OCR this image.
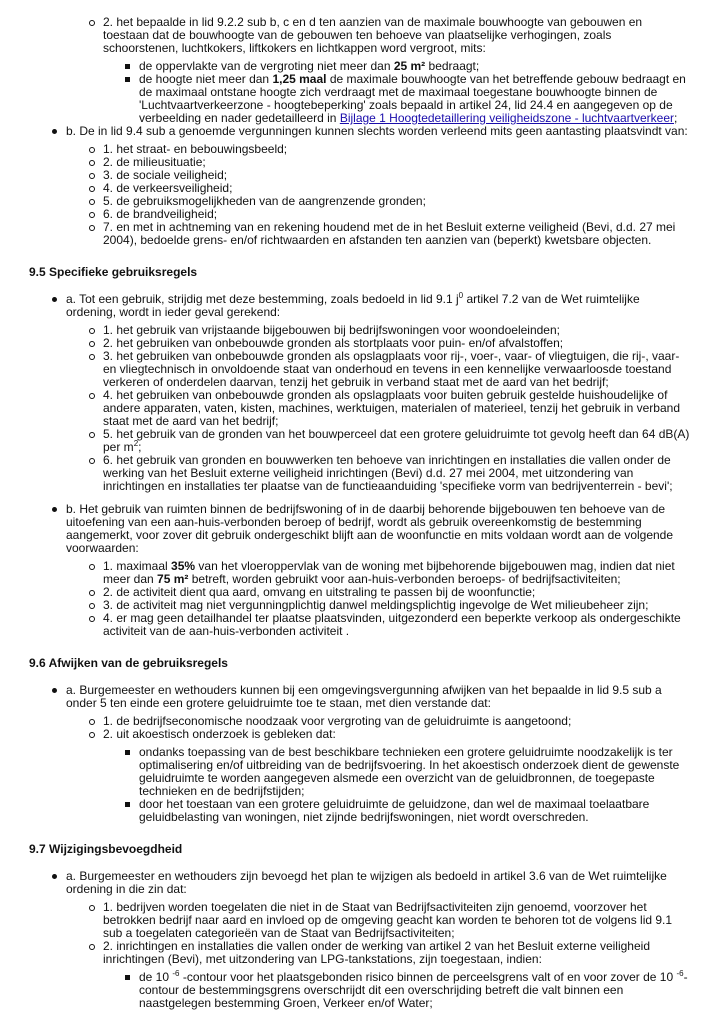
2. het bepaalde in lid 9.2.2 sub b, c en d ten aanzien van de maximale bouwhoogte van gebouwen en toestaan dat de bouwhoogte van de gebouwen ten behoeve van plaatselijke verhogingen, zoals schoorstenen, luchtkokers, liftkokers en lichtkappen word vergroot, mits:
de oppervlakte van de vergroting niet meer dan 25 m² bedraagt;
de hoogte niet meer dan 1,25 maal de maximale bouwhoogte van het betreffende gebouw bedraagt en de maximaal ontstane hoogte zich verdraagt met de maximaal toegestane bouwhoogte binnen de 'Luchtvaartverkeerzone - hoogtebeperking' zoals bepaald in artikel 24, lid 24.4 en aangegeven op de verbeelding en nader gedetailleerd in Bijlage 1 Hoogtedetaillering veiligheidszone - luchtvaartverkeer;
b. De in lid 9.4 sub a genoemde vergunningen kunnen slechts worden verleend mits geen aantasting plaatsvindt van:
1. het straat- en bebouwingsbeeld;
2. de milieusituatie;
3. de sociale veiligheid;
4. de verkeersveiligheid;
5. de gebruiksmogelijkheden van de aangrenzende gronden;
6. de brandveiligheid;
7. en met in achtneming van en rekening houdend met de in het Besluit externe veiligheid (Bevi, d.d. 27 mei 2004), bedoelde grens- en/of richtwaarden en afstanden ten aanzien van (beperkt) kwetsbare objecten.
9.5 Specifieke gebruiksregels
a. Tot een gebruik, strijdig met deze bestemming, zoals bedoeld in lid 9.1 $j^0$ artikel 7.2 van de Wet ruimtelijke ordening, wordt in ieder geval gerekend:
1. het gebruik van vrijstaande bijgebouwen bij bedrijfswoningen voor woondoeleinden;
2. het gebruiken van onbebouwde gronden als stortplaats voor puin- en/of afvalstoffen;
3. het gebruiken van onbebouwde gronden als opslagplaats voor rij-, voer-, vaar- of vliegtuigen, die rij-, vaar- en vliegtechnisch in onvoldoende staat van onderhoud en tevens in een kennelijke verwaarloosde toestand verkeren of onderdelen daarvan, tenzij het gebruik in verband staat met de aard van het bedrijf;
4. het gebruiken van onbebouwde gronden als opslagplaats voor buiten gebruik gestelde huishoudelijke of andere apparaten, vaten, kisten, machines, werktuigen, materialen of materieel, tenzij het gebruik in verband staat met de aard van het bedrijf;
5. het gebruik van de gronden van het bouwperceel dat een grotere geluidruimte tot gevolg heeft dan 64 dB(A) per $m^2$;
6. het gebruik van gronden en bouwwerken ten behoeve van inrichtingen en installaties die vallen onder de werking van het Besluit externe veiligheid inrichtingen (Bevi) d.d. 27 mei 2004, met uitzondering van inrichtingen en installaties ter plaatse van de functieaanduiding 'specifieke vorm van bedrijventerrein - bevi';
b. Het gebruik van ruimten binnen de bedrijfswoning of in de daarbij behorende bijgebouwen ten behoeve van de uitoefening van een aan-huis-verbonden beroep of bedrijf, wordt als gebruik overeenkomstig de bestemming aangemerkt, voor zover dit gebruik ondergeschikt blijft aan de woonfunctie en mits voldaan wordt aan de volgende voorwaarden:
1. maximaal 35% van het vloeroppervlak van de woning met bijbehorende bijgebouwen mag, indien dat niet meer dan 75 m² betreft, worden gebruikt voor aan-huis-verbonden beroeps- of bedrijfsactiviteiten;
2. de activiteit dient qua aard, omvang en uitstraling te passen bij de woonfunctie;
3. de activiteit mag niet vergunningplichtig danwel meldingsplichtig ingevolge de Wet milieubeheer zijn;
4. er mag geen detailhandel ter plaatse plaatsvinden, uitgezonderd een beperkte verkoop als ondergeschikte activiteit van de aan-huis-verbonden activiteit .
9.6 Afwijken van de gebruiksregels
a. Burgemeester en wethouders kunnen bij een omgevingsvergunning afwijken van het bepaalde in lid 9.5 sub a onder 5 ten einde een grotere geluidruimte toe te staan, met dien verstande dat:
1. de bedrijfseconomische noodzaak voor vergroting van de geluidruimte is aangetoond;
2. uit akoestisch onderzoek is gebleken dat:
ondanks toepassing van de best beschikbare technieken een grotere geluidruimte noodzakelijk is ter optimalisering en/of uitbreiding van de bedrijfsvoering. In het akoestisch onderzoek dient de gewenste geluidruimte te worden aangegeven alsmede een overzicht van de geluidbronnen, de toegepaste technieken en de bedrijfstijden;
door het toestaan van een grotere geluidruimte de geluidzone, dan wel de maximaal toelaatbare geluidbelasting van woningen, niet zijnde bedrijfswoningen, niet wordt overschreden.
9.7 Wijzigingsbevoegdheid
a. Burgemeester en wethouders zijn bevoegd het plan te wijzigen als bedoeld in artikel 3.6 van de Wet ruimtelijke ordening in die zin dat:
1. bedrijven worden toegelaten die niet in de Staat van Bedrijfsactiviteiten zijn genoemd, voorzover het betrokken bedrijf naar aard en invloed op de omgeving geacht kan worden te behoren tot de volgens lid 9.1 sub a toegelaten categorieën van de Staat van Bedrijfsactiviteiten;
2. inrichtingen en installaties die vallen onder de werking van artikel 2 van het Besluit externe veiligheid inrichtingen (Bevi), met uitzondering van LPG-tankstations, zijn toegestaan, indien:
de 10 $^{-6}$ -contour voor het plaatsgebonden risico binnen de perceelsgrens valt of en voor zover de 10 $^{-6}$-contour de bestemmingsgrens overschrijdt dit een overschrijding betreft die valt binnen een naastgelegen bestemming Groen, Verkeer en/of Water;
